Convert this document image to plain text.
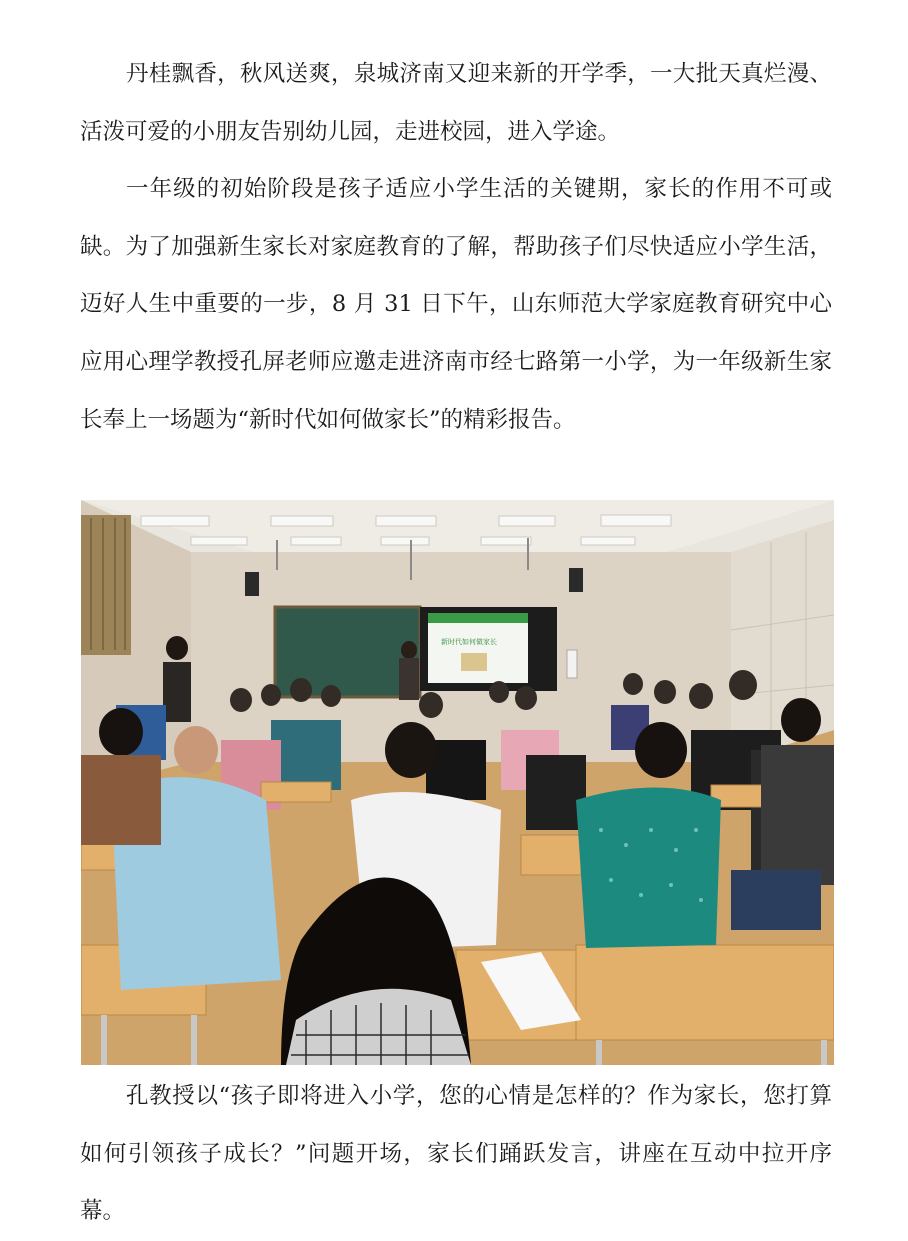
丹桂飘香，秋风送爽，泉城济南又迎来新的开学季，一大批天真烂漫、活泼可爱的小朋友告别幼儿园，走进校园，进入学途。

一年级的初始阶段是孩子适应小学生活的关键期，家长的作用不可或缺。为了加强新生家长对家庭教育的了解，帮助孩子们尽快适应小学生活，迈好人生中重要的一步，8 月 31 日下午，山东师范大学家庭教育研究中心应用心理学教授孔屏老师应邀走进济南市经七路第一小学，为一年级新生家长奉上一场题为“新时代如何做家长”的精彩报告。

新时代如何做家长

孔教授以“孩子即将进入小学，您的心情是怎样的？作为家长，您打算如何引领孩子成长？”问题开场，家长们踊跃发言，讲座在互动中拉开序幕。
